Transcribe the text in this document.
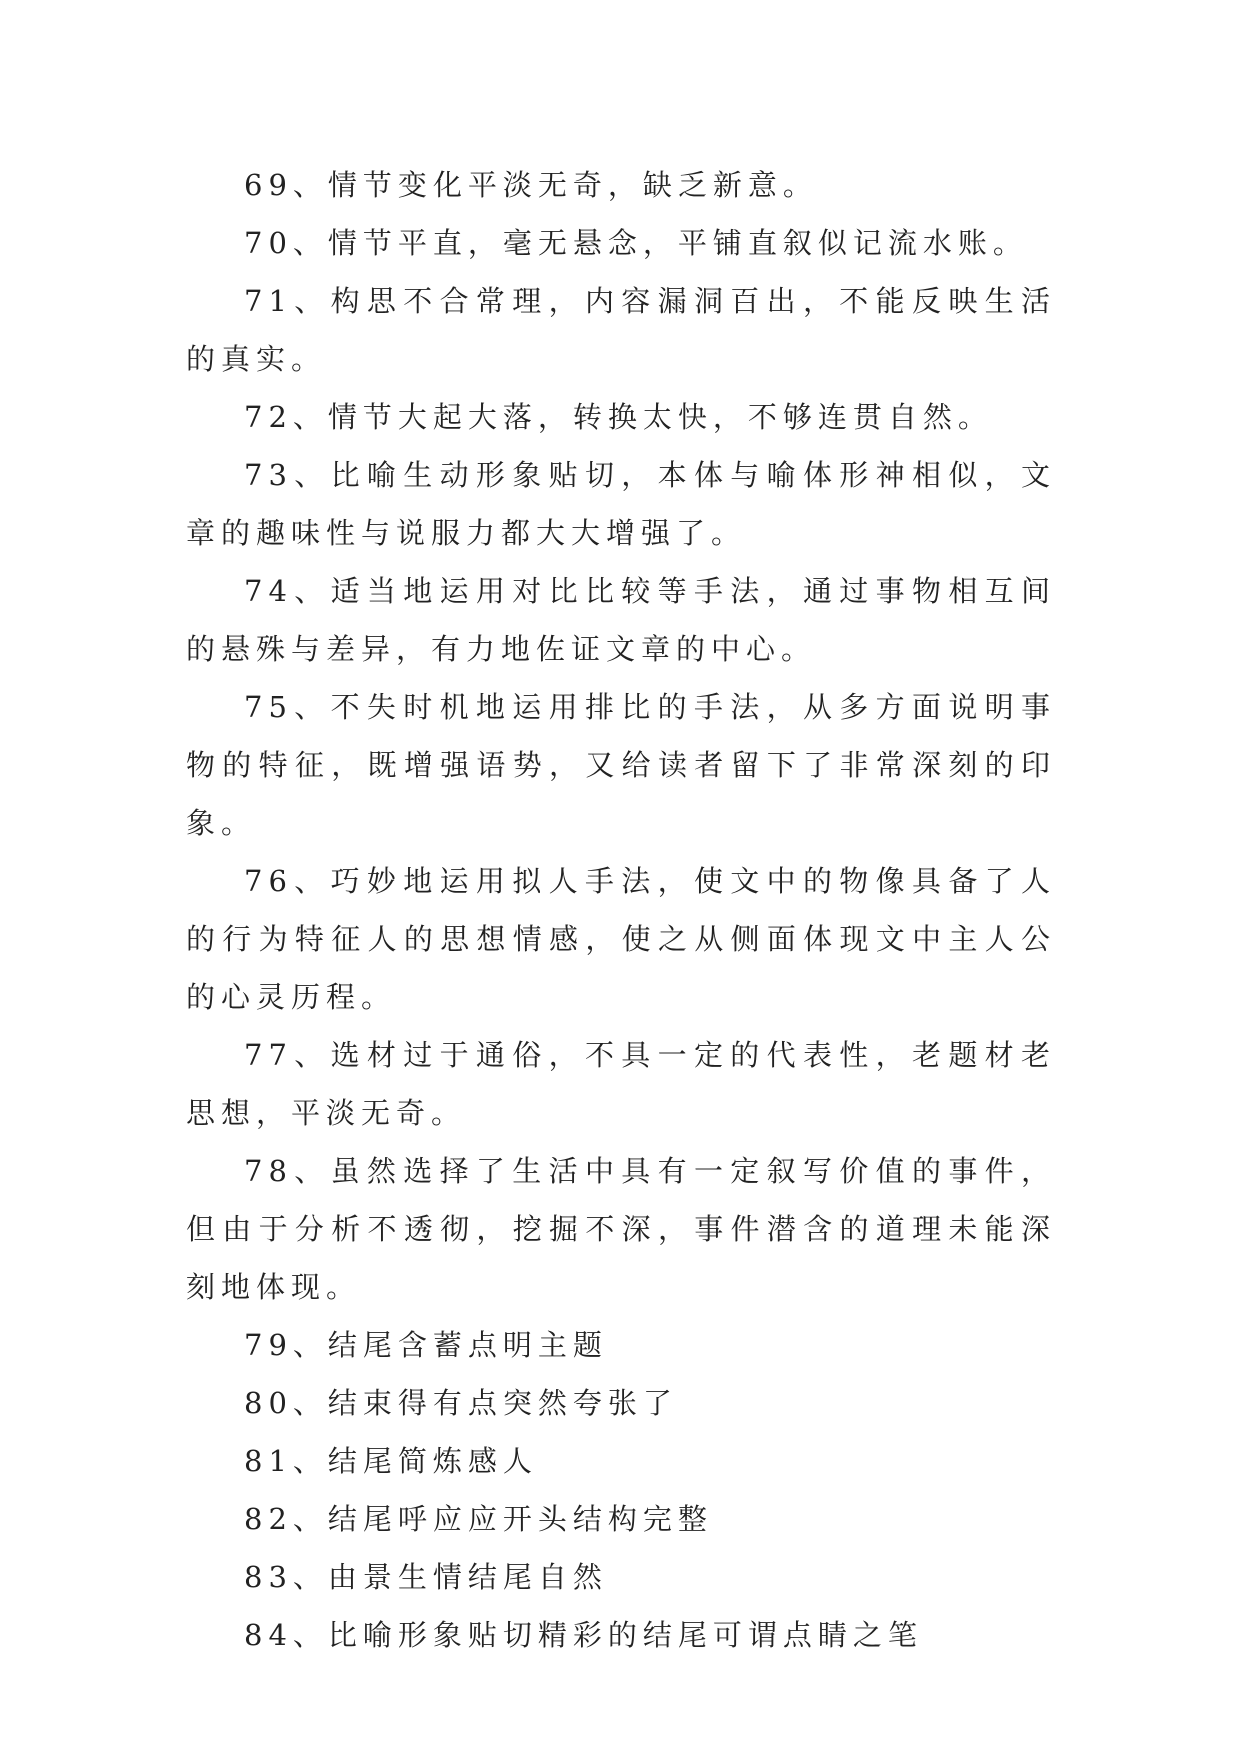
69、情节变化平淡无奇，缺乏新意。

70、情节平直，毫无悬念，平铺直叙似记流水账。

71、构思不合常理，内容漏洞百出，不能反映生活的真实。

72、情节大起大落，转换太快，不够连贯自然。

73、比喻生动形象贴切，本体与喻体形神相似，文章的趣味性与说服力都大大增强了。

74、适当地运用对比比较等手法，通过事物相互间的悬殊与差异，有力地佐证文章的中心。

75、不失时机地运用排比的手法，从多方面说明事物的特征，既增强语势，又给读者留下了非常深刻的印象。

76、巧妙地运用拟人手法，使文中的物像具备了人的行为特征人的思想情感，使之从侧面体现文中主人公的心灵历程。

77、选材过于通俗，不具一定的代表性，老题材老思想，平淡无奇。

78、虽然选择了生活中具有一定叙写价值的事件，但由于分析不透彻，挖掘不深，事件潜含的道理未能深刻地体现。

79、结尾含蓄点明主题

80、结束得有点突然夸张了

81、结尾简炼感人

82、结尾呼应应开头结构完整

83、由景生情结尾自然

84、比喻形象贴切精彩的结尾可谓点睛之笔
